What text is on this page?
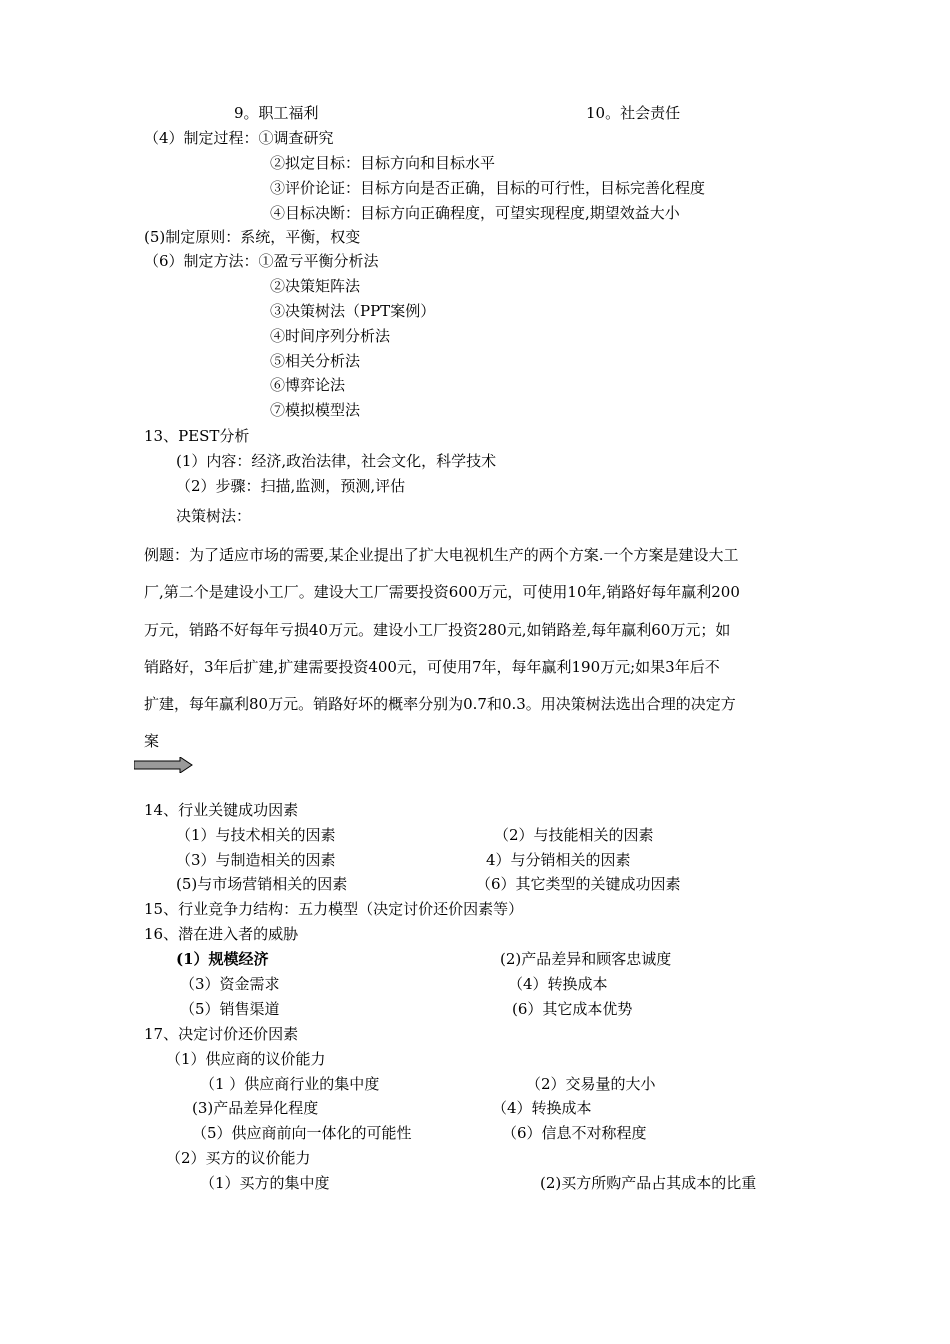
9。职工福利	10。社会责任
（4）制定过程：①调查研究
②拟定目标：目标方向和目标水平
③评价论证：目标方向是否正确，目标的可行性，目标完善化程度
④目标决断：目标方向正确程度，可望实现程度,期望效益大小
(5)制定原则：系统，平衡，权变
（6）制定方法：①盈亏平衡分析法
②决策矩阵法
③决策树法（PPT案例）
④时间序列分析法
⑤相关分析法
⑥博弈论法
⑦模拟模型法
13、PEST分析
(1）内容：经济,政治法律，社会文化，科学技术
（2）步骤：扫描,监测，预测,评估
决策树法：
例题：为了适应市场的需要,某企业提出了扩大电视机生产的两个方案.一个方案是建设大工
厂,第二个是建设小工厂。建设大工厂需要投资600万元，可使用10年,销路好每年赢利200
万元，销路不好每年亏损40万元。建设小工厂投资280元,如销路差,每年赢利60万元；如
销路好，3年后扩建,扩建需要投资400元，可使用7年，每年赢利190万元;如果3年后不
扩建，每年赢利80万元。销路好坏的概率分别为0.7和0.3。用决策树法选出合理的决定方
案
14、行业关键成功因素
（1）与技术相关的因素	（2）与技能相关的因素
（3）与制造相关的因素	4）与分销相关的因素
(5)与市场营销相关的因素	（6）其它类型的关键成功因素
15、行业竞争力结构：五力模型（决定讨价还价因素等）
16、潜在进入者的威胁
(1）规模经济	(2)产品差异和顾客忠诚度
（3）资金需求	（4）转换成本
（5）销售渠道	(6）其它成本优势
17、决定讨价还价因素
（1）供应商的议价能力
（1 ）供应商行业的集中度	（2）交易量的大小
(3)产品差异化程度	（4）转换成本
（5）供应商前向一体化的可能性	（6）信息不对称程度
（2）买方的议价能力
（1）买方的集中度	(2)买方所购产品占其成本的比重
